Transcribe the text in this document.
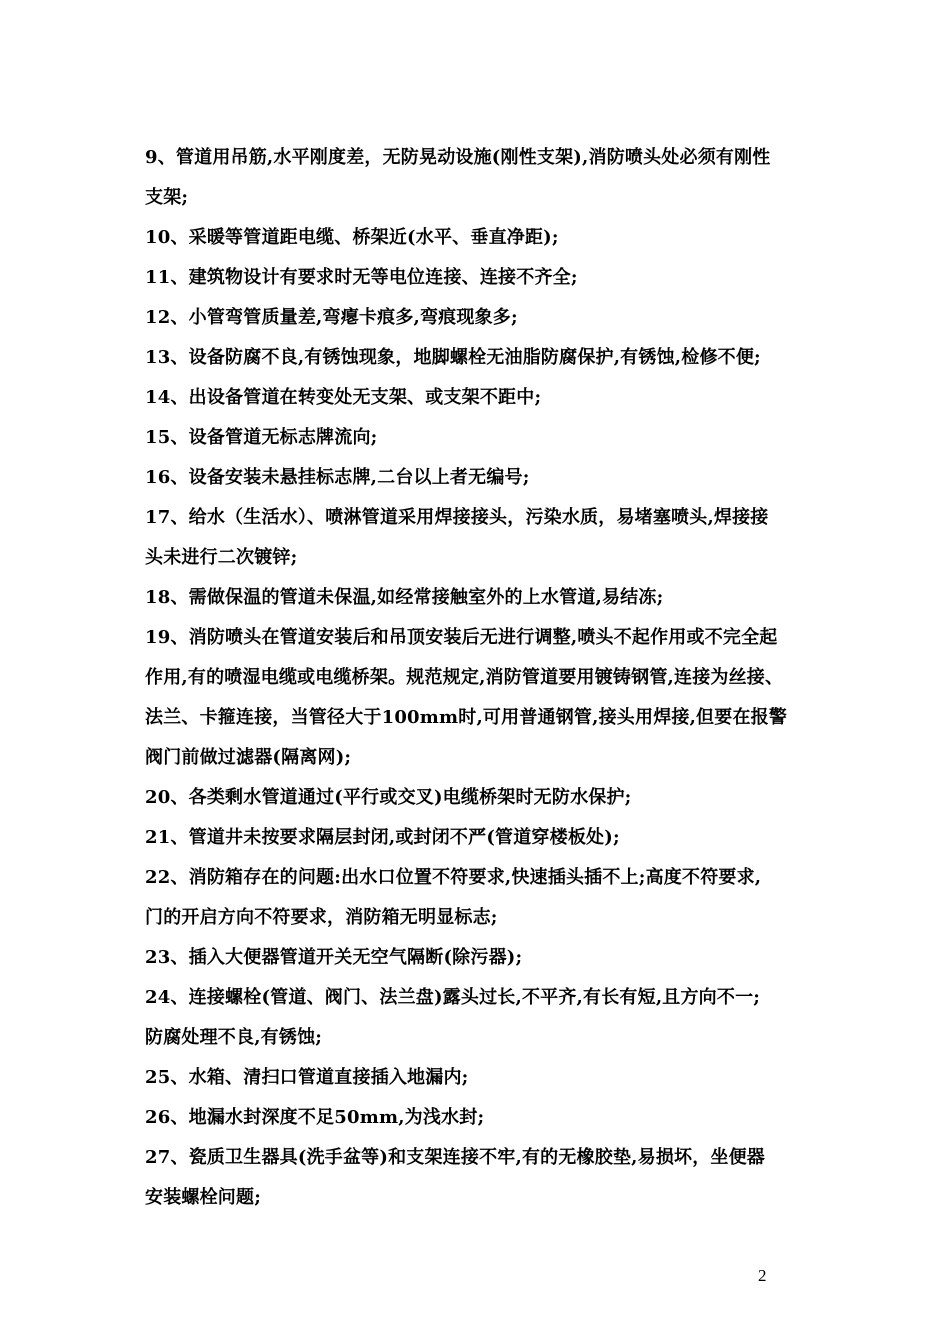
9、管道用吊筋,水平刚度差，无防晃动设施(刚性支架),消防喷头处必须有刚性
支架;
10、采暖等管道距电缆、桥架近(水平、垂直净距);
11、建筑物设计有要求时无等电位连接、连接不齐全;
12、小管弯管质量差,弯瘪卡痕多,弯痕现象多;
13、设备防腐不良,有锈蚀现象，地脚螺栓无油脂防腐保护,有锈蚀,检修不便;
14、出设备管道在转变处无支架、或支架不距中;
15、设备管道无标志牌流向;
16、设备安装未悬挂标志牌,二台以上者无编号;
17、给水（生活水）、喷淋管道采用焊接接头，污染水质，易堵塞喷头,焊接接
头未进行二次镀锌;
18、需做保温的管道未保温,如经常接触室外的上水管道,易结冻;
19、消防喷头在管道安装后和吊顶安装后无进行调整,喷头不起作用或不完全起
作用,有的喷湿电缆或电缆桥架。规范规定,消防管道要用镀铸钢管,连接为丝接、
法兰、卡箍连接，当管径大于100mm时,可用普通钢管,接头用焊接,但要在报警
阀门前做过滤器(隔离网);
20、各类剩水管道通过(平行或交叉)电缆桥架时无防水保护;
21、管道井未按要求隔层封闭,或封闭不严(管道穿楼板处);
22、消防箱存在的问题:出水口位置不符要求,快速插头插不上;高度不符要求,
门的开启方向不符要求，消防箱无明显标志;
23、插入大便器管道开关无空气隔断(除污器);
24、连接螺栓(管道、阀门、法兰盘)露头过长,不平齐,有长有短,且方向不一;
防腐处理不良,有锈蚀;
25、水箱、清扫口管道直接插入地漏内;
26、地漏水封深度不足50mm,为浅水封;
27、瓷质卫生器具(洗手盆等)和支架连接不牢,有的无橡胶垫,易损坏，坐便器
安装螺栓问题;
2
